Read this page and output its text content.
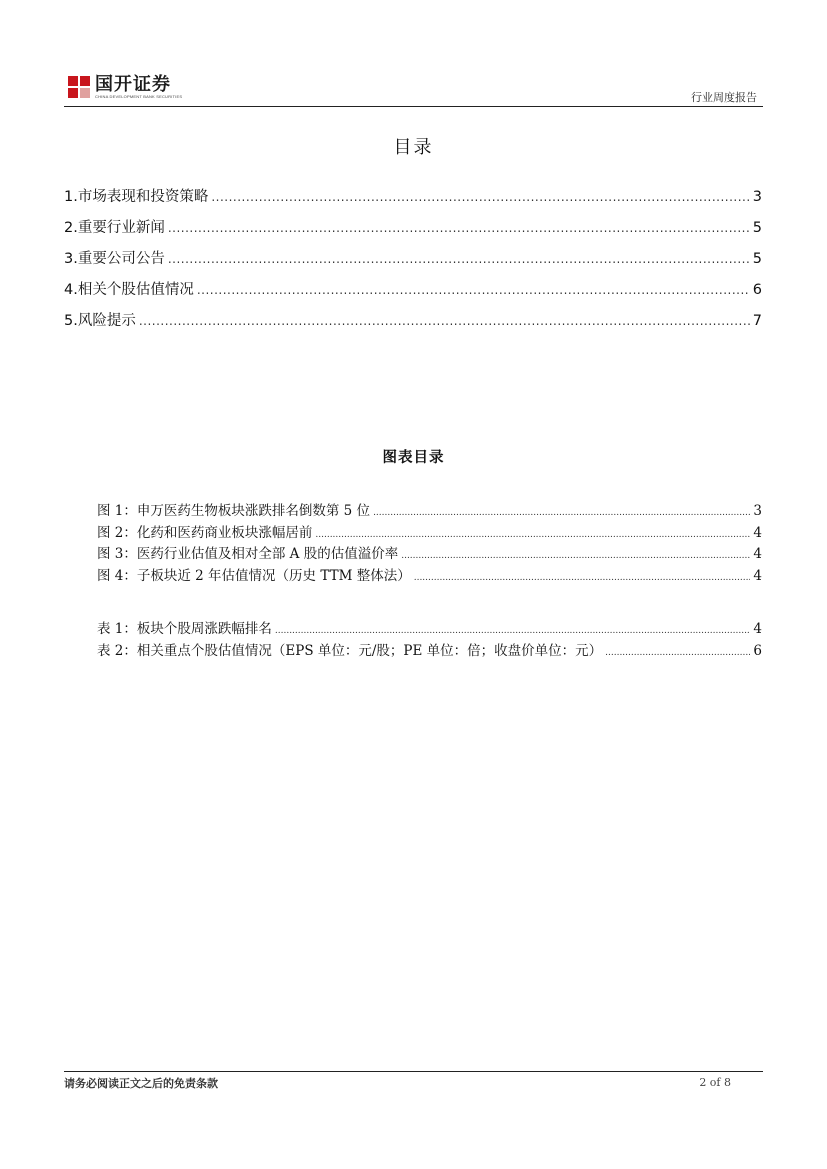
国开证券
CHINA DEVELOPMENT BANK SECURITIES	行业周度报告
目录
1.市场表现和投资策略 .....	3
2.重要行业新闻 .....	5
3.重要公司公告 .....	5
4.相关个股估值情况 .....	6
5.风险提示 .....	7
图表目录
图 1：申万医药生物板块涨跌排名倒数第 5 位 .....	3
图 2：化药和医药商业板块涨幅居前 .....	4
图 3：医药行业估值及相对全部 A 股的估值溢价率 .....	4
图 4：子板块近 2 年估值情况（历史 TTM 整体法） .....	4
表 1：板块个股周涨跌幅排名 .....	4
表 2：相关重点个股估值情况（EPS 单位：元/股；PE 单位：倍；收盘价单位：元） .....	6
请务必阅读正文之后的免责条款	2 of 8
